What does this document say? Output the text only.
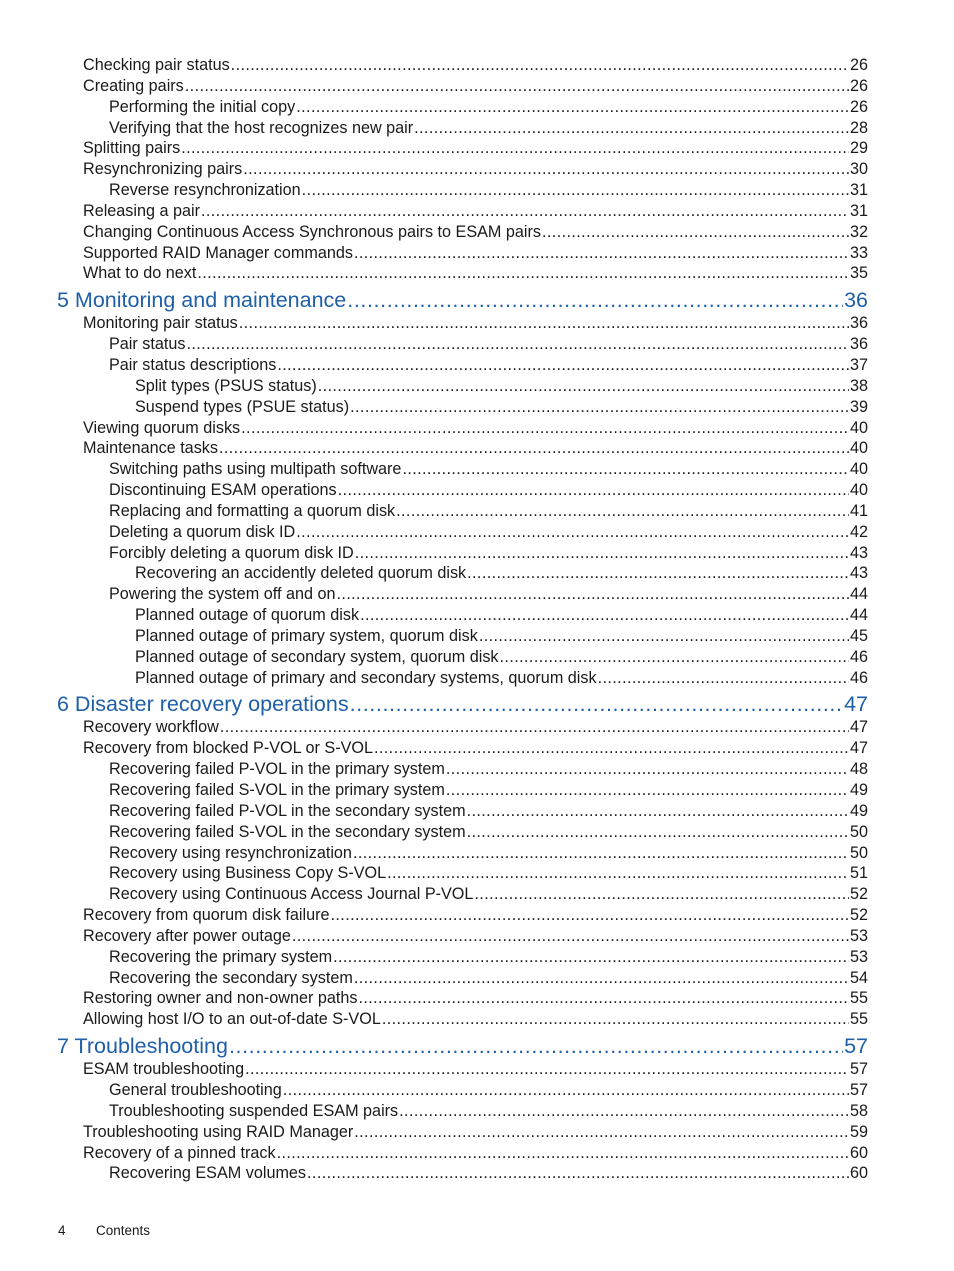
Checking pair status .....	26
Creating pairs .....	26
Performing the initial copy .....	26
Verifying that the host recognizes new pair .....	28
Splitting pairs .....	29
Resynchronizing pairs .....	30
Reverse resynchronization .....	31
Releasing a pair .....	31
Changing Continuous Access Synchronous pairs to ESAM pairs .....	32
Supported RAID Manager commands .....	33
What to do next .....	35
5 Monitoring and maintenance .....	36
Monitoring pair status .....	36
Pair status .....	36
Pair status descriptions .....	37
Split types (PSUS status) .....	38
Suspend types (PSUE status) .....	39
Viewing quorum disks .....	40
Maintenance tasks .....	40
Switching paths using multipath software .....	40
Discontinuing ESAM operations .....	40
Replacing and formatting a quorum disk .....	41
Deleting a quorum disk ID .....	42
Forcibly deleting a quorum disk ID .....	43
Recovering an accidently deleted quorum disk .....	43
Powering the system off and on .....	44
Planned outage of quorum disk .....	44
Planned outage of primary system, quorum disk .....	45
Planned outage of secondary system, quorum disk .....	46
Planned outage of primary and secondary systems, quorum disk .....	46
6 Disaster recovery operations .....	47
Recovery workflow .....	47
Recovery from blocked P-VOL or S-VOL .....	47
Recovering failed P-VOL in the primary system .....	48
Recovering failed S-VOL in the primary system .....	49
Recovering failed P-VOL in the secondary system .....	49
Recovering failed S-VOL in the secondary system .....	50
Recovery using resynchronization .....	50
Recovery using Business Copy S-VOL .....	51
Recovery using Continuous Access Journal P-VOL .....	52
Recovery from quorum disk failure .....	52
Recovery after power outage .....	53
Recovering the primary system .....	53
Recovering the secondary system .....	54
Restoring owner and non-owner paths .....	55
Allowing host I/O to an out-of-date S-VOL .....	55
7 Troubleshooting .....	57
ESAM troubleshooting .....	57
General troubleshooting .....	57
Troubleshooting suspended ESAM pairs .....	58
Troubleshooting using RAID Manager .....	59
Recovery of a pinned track .....	60
Recovering ESAM volumes .....	60
4 Contents
